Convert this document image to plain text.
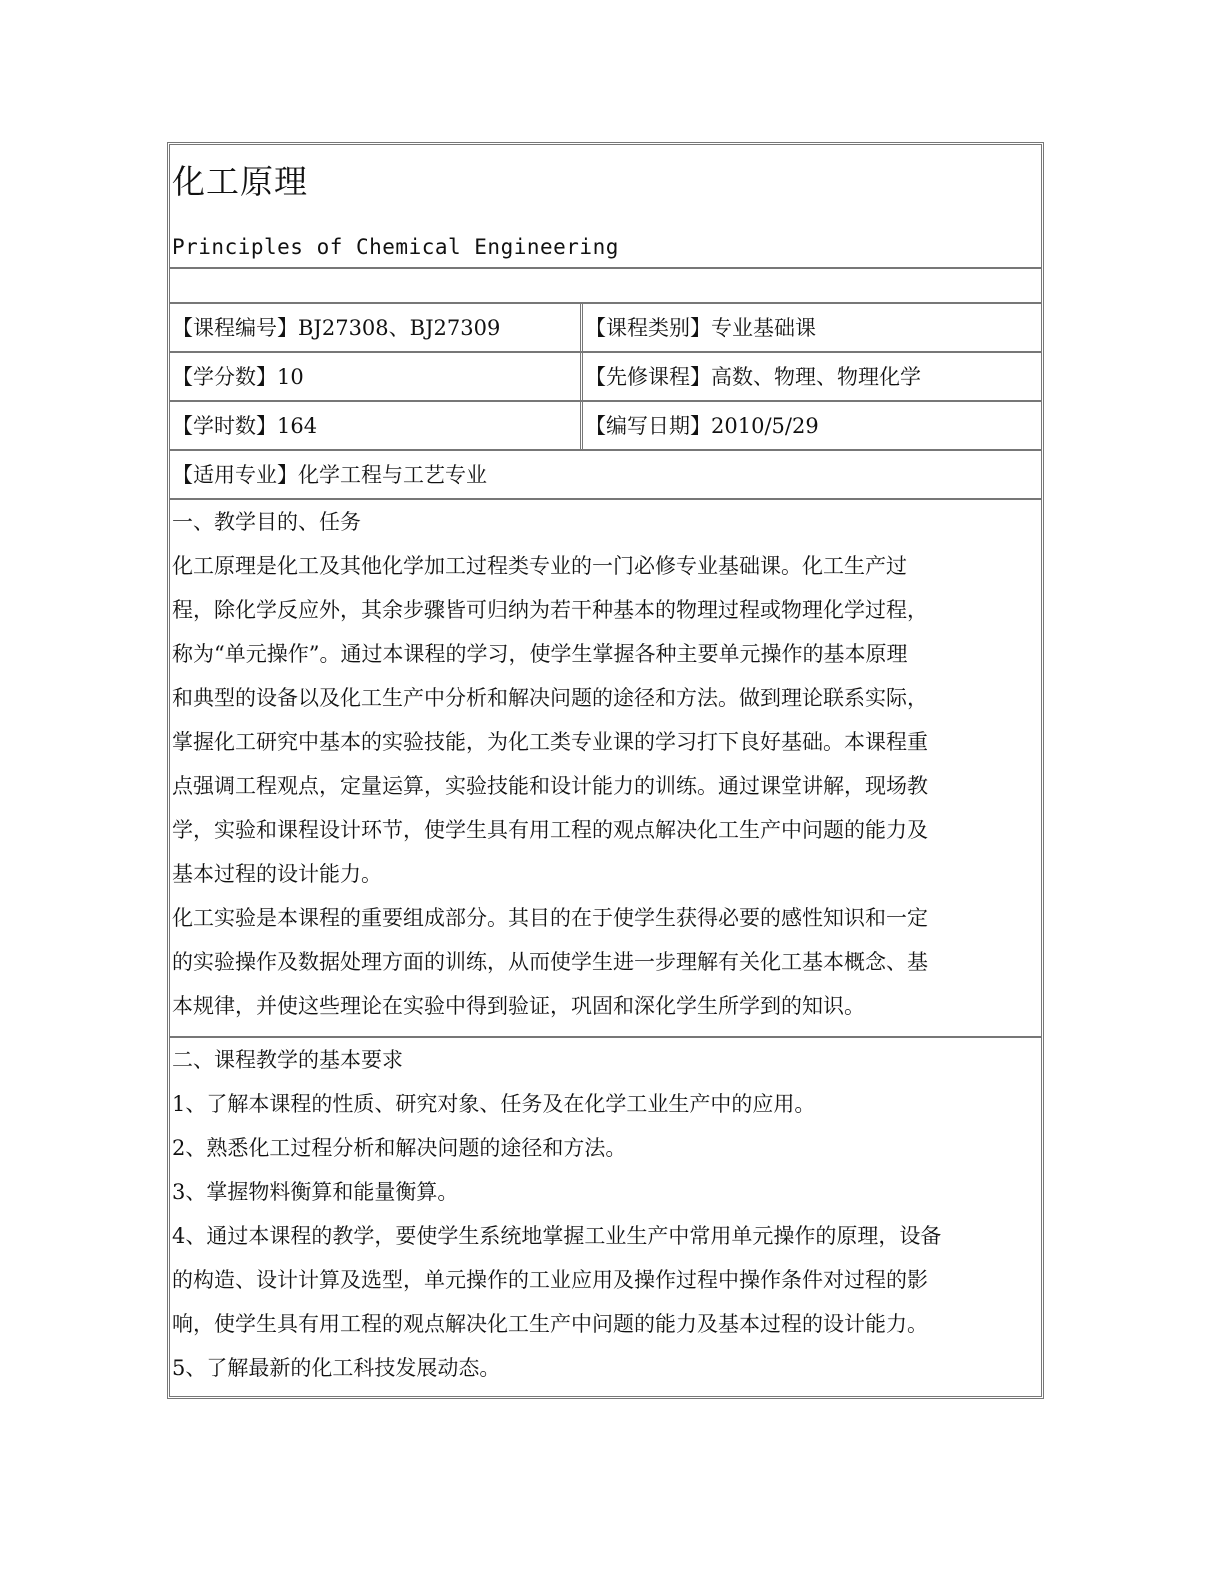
化工原理
Principles of Chemical Engineering
【课程编号】BJ27308、BJ27309	【课程类别】专业基础课
【学分数】10	【先修课程】高数、物理、物理化学
【学时数】164	【编写日期】2010/5/29
【适用专业】化学工程与工艺专业

一、教学目的、任务

化工原理是化工及其他化学加工过程类专业的一门必修专业基础课。化工生产过

程，除化学反应外，其余步骤皆可归纳为若干种基本的物理过程或物理化学过程，

称为“单元操作”。通过本课程的学习，使学生掌握各种主要单元操作的基本原理

和典型的设备以及化工生产中分析和解决问题的途径和方法。做到理论联系实际，

掌握化工研究中基本的实验技能，为化工类专业课的学习打下良好基础。本课程重

点强调工程观点，定量运算，实验技能和设计能力的训练。通过课堂讲解，现场教

学，实验和课程设计环节，使学生具有用工程的观点解决化工生产中问题的能力及

基本过程的设计能力。

化工实验是本课程的重要组成部分。其目的在于使学生获得必要的感性知识和一定

的实验操作及数据处理方面的训练，从而使学生进一步理解有关化工基本概念、基

本规律，并使这些理论在实验中得到验证，巩固和深化学生所学到的知识。

二、课程教学的基本要求

1、了解本课程的性质、研究对象、任务及在化学工业生产中的应用。

2、熟悉化工过程分析和解决问题的途径和方法。

3、掌握物料衡算和能量衡算。

4、通过本课程的教学，要使学生系统地掌握工业生产中常用单元操作的原理，设备

的构造、设计计算及选型，单元操作的工业应用及操作过程中操作条件对过程的影

响，使学生具有用工程的观点解决化工生产中问题的能力及基本过程的设计能力。

5、了解最新的化工科技发展动态。
